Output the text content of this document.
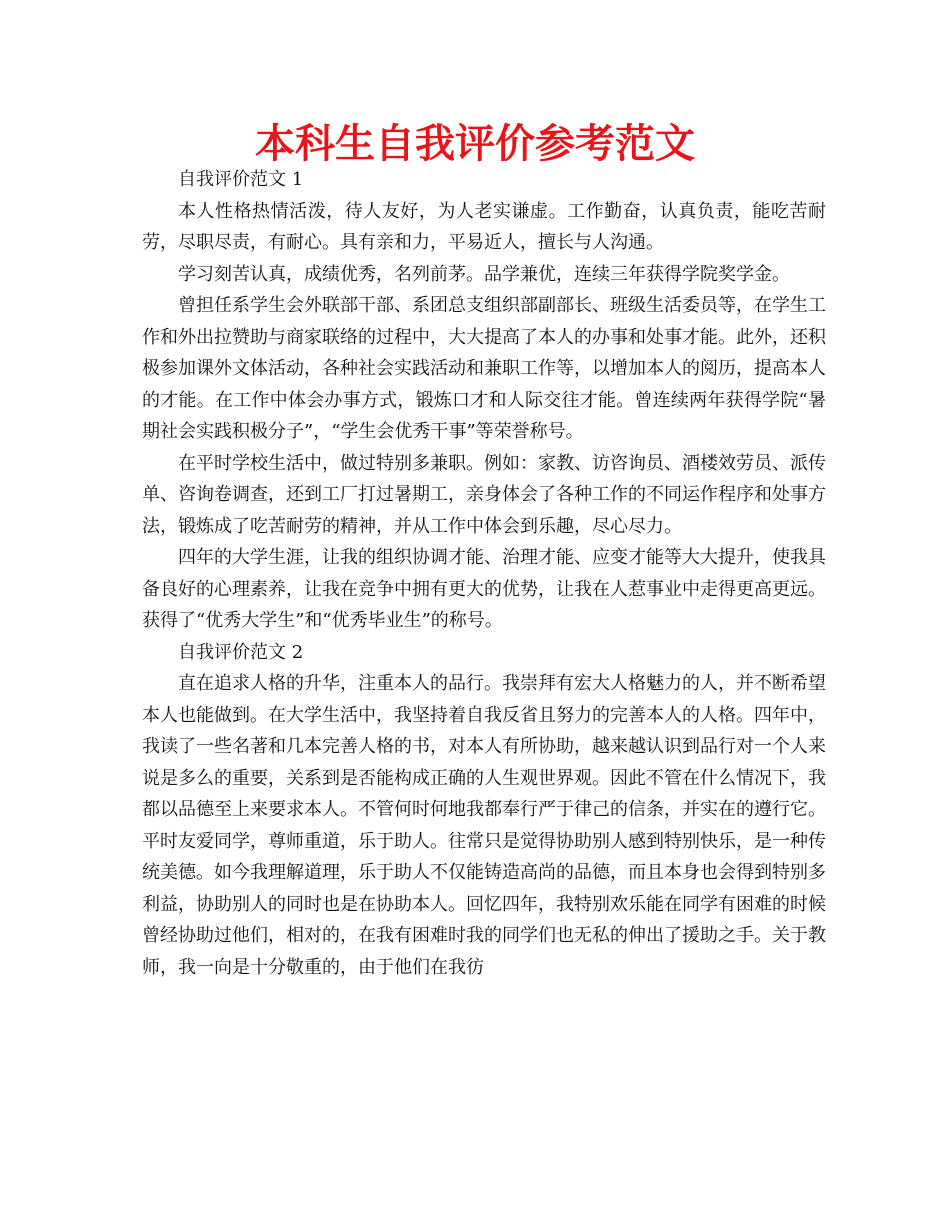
本科生自我评价参考范文

自我评价范文 1

本人性格热情活泼，待人友好，为人老实谦虚。工作勤奋，认真负责，能吃苦耐劳，尽职尽责，有耐心。具有亲和力，平易近人，擅长与人沟通。

学习刻苦认真，成绩优秀，名列前茅。品学兼优，连续三年获得学院奖学金。

曾担任系学生会外联部干部、系团总支组织部副部长、班级生活委员等，在学生工作和外出拉赞助与商家联络的过程中，大大提高了本人的办事和处事才能。此外，还积极参加课外文体活动，各种社会实践活动和兼职工作等，以增加本人的阅历，提高本人的才能。在工作中体会办事方式，锻炼口才和人际交往才能。曾连续两年获得学院“暑期社会实践积极分子”，“学生会优秀干事”等荣誉称号。

在平时学校生活中，做过特别多兼职。例如：家教、访咨询员、酒楼效劳员、派传单、咨询卷调查，还到工厂打过暑期工，亲身体会了各种工作的不同运作程序和处事方法，锻炼成了吃苦耐劳的精神，并从工作中体会到乐趣，尽心尽力。

四年的大学生涯，让我的组织协调才能、治理才能、应变才能等大大提升，使我具备良好的心理素养，让我在竞争中拥有更大的优势，让我在人惹事业中走得更高更远。获得了“优秀大学生”和“优秀毕业生”的称号。

自我评价范文 2

直在追求人格的升华，注重本人的品行。我崇拜有宏大人格魅力的人，并不断希望本人也能做到。在大学生活中，我坚持着自我反省且努力的完善本人的人格。四年中，我读了一些名著和几本完善人格的书，对本人有所协助，越来越认识到品行对一个人来说是多么的重要，关系到是否能构成正确的人生观世界观。因此不管在什么情况下，我都以品德至上来要求本人。不管何时何地我都奉行严于律己的信条，并实在的遵行它。平时友爱同学，尊师重道，乐于助人。往常只是觉得协助别人感到特别快乐，是一种传统美德。如今我理解道理，乐于助人不仅能铸造高尚的品德，而且本身也会得到特别多利益，协助别人的同时也是在协助本人。回忆四年，我特别欢乐能在同学有困难的时候曾经协助过他们，相对的，在我有困难时我的同学们也无私的伸出了援助之手。关于教师，我一向是十分敬重的，由于他们在我彷
